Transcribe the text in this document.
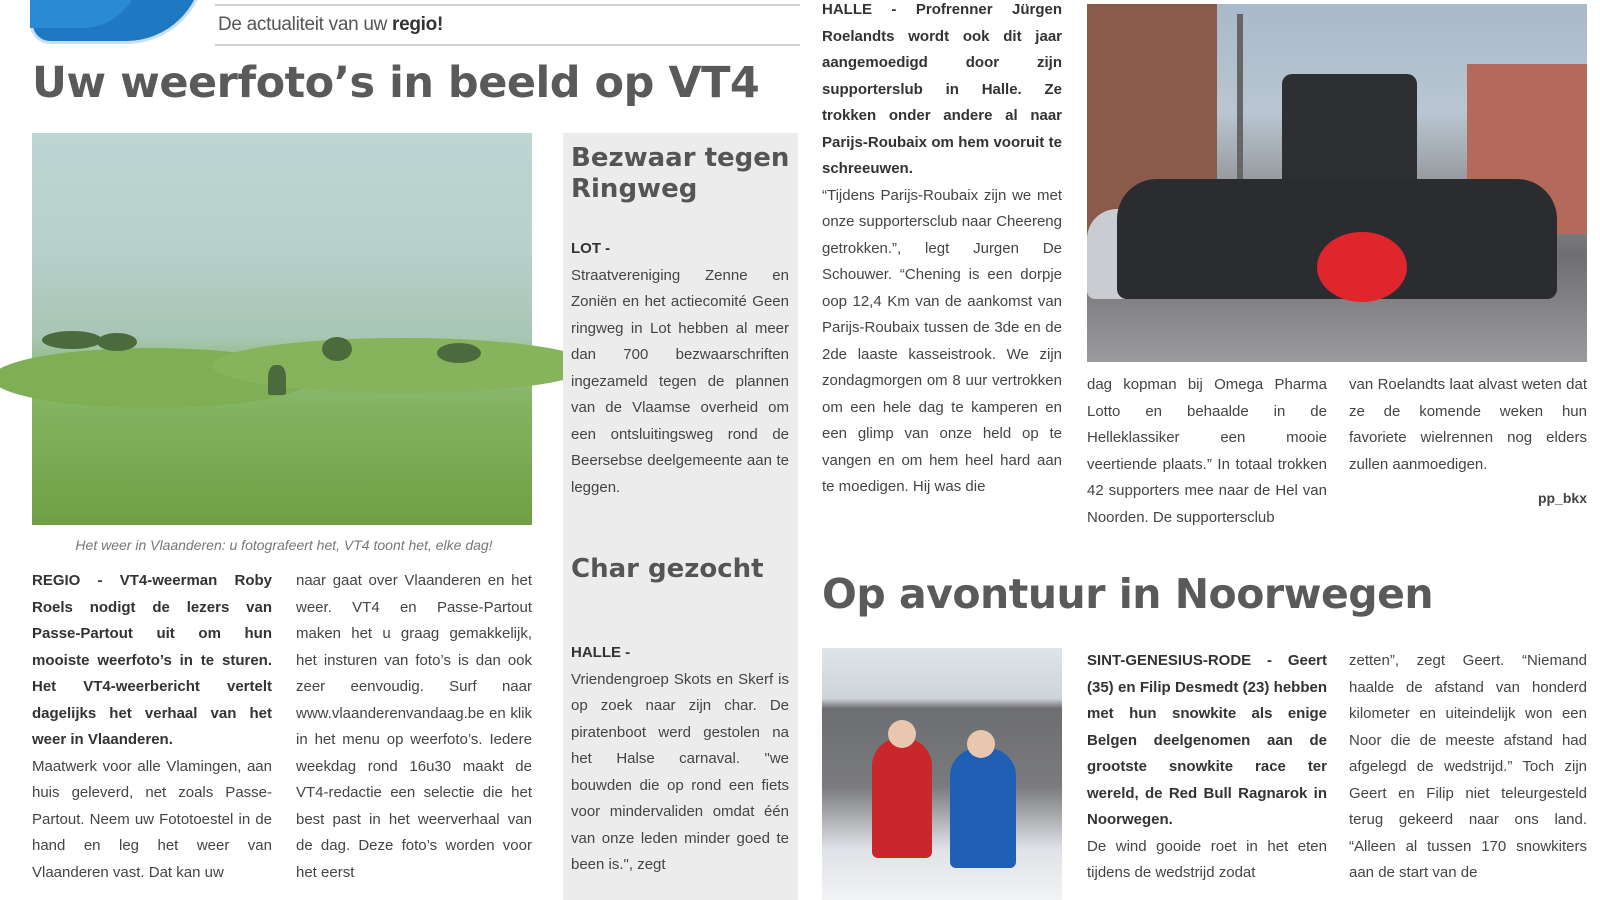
De actualiteit van uw regio!
Uw weerfoto’s in beeld op VT4
Het weer in Vlaanderen: u fotografeert het, VT4 toont het, elke dag!
REGIO - VT4-weerman Roby Roels nodigt de lezers van Passe-Partout uit om hun mooiste weerfoto’s in te sturen. Het VT4-weerbericht vertelt dagelijks het verhaal van het weer in Vlaanderen.
Maatwerk voor alle Vlamingen, aan huis geleverd, net zoals Passe-Partout. Neem uw Fototoestel in de hand en leg het weer van Vlaanderen vast. Dat kan uw
naar gaat over Vlaanderen en het weer. VT4 en Passe-Partout maken het u graag gemakkelijk, het insturen van foto’s is dan ook zeer eenvoudig. Surf naar www.vlaanderenvandaag.be en klik in het menu op weerfoto’s. Iedere weekdag rond 16u30 maakt de VT4-redactie een selectie die het best past in het weerverhaal van de dag. Deze foto’s worden voor het eerst
Bezwaar tegen Ringweg
LOT -
Straatvereniging Zenne en Zoniën en het actiecomité Geen ringweg in Lot hebben al meer dan 700 bezwaarschriften ingezameld tegen de plannen van de Vlaamse overheid om een ontsluitingsweg rond de Beersebse deelgemeente aan te leggen.
Char gezocht
HALLE -
Vriendengroep Skots en Skerf is op zoek naar zijn char. De piratenboot werd gestolen na het Halse carnaval. "we bouwden die op rond een fiets voor mindervaliden omdat één van onze leden minder goed te been is.", zegt
HALLE - Profrenner Jürgen Roelandts wordt ook dit jaar aangemoedigd door zijn supporterslub in Halle. Ze trokken onder andere al naar Parijs-Roubaix om hem vooruit te schreeuwen.
“Tijdens Parijs-Roubaix zijn we met onze supportersclub naar Cheereng getrokken.”, legt Jurgen De Schouwer. “Chening is een dorpje oop 12,4 Km van de aankomst van Parijs-Roubaix tussen de 3de en de 2de laaste kasseistrook. We zijn zondagmorgen om 8 uur vertrokken om een hele dag te kamperen en een glimp van onze held op te vangen en om hem heel hard aan te moedigen. Hij was die
dag kopman bij Omega Pharma Lotto en behaalde in de Helleklassiker een mooie veertiende plaats.” In totaal trokken 42 supporters mee naar de Hel van Noorden. De supportersclub
van Roelandts laat alvast weten dat ze de komende weken hun favoriete wielrennen nog elders zullen aanmoedigen.
pp_bkx
Op avontuur in Noorwegen
SINT-GENESIUS-RODE - Geert (35) en Filip Desmedt (23) hebben met hun snowkite als enige Belgen deelgenomen aan de grootste snowkite race ter wereld, de Red Bull Ragnarok in Noorwegen.
De wind gooide roet in het eten tijdens de wedstrijd zodat
zetten”, zegt Geert. “Niemand haalde de afstand van honderd kilometer en uiteindelijk won een Noor die de meeste afstand had afgelegd de wedstrijd.” Toch zijn Geert en Filip niet teleurgesteld terug gekeerd naar ons land. “Alleen al tussen 170 snowkiters aan de start van de
